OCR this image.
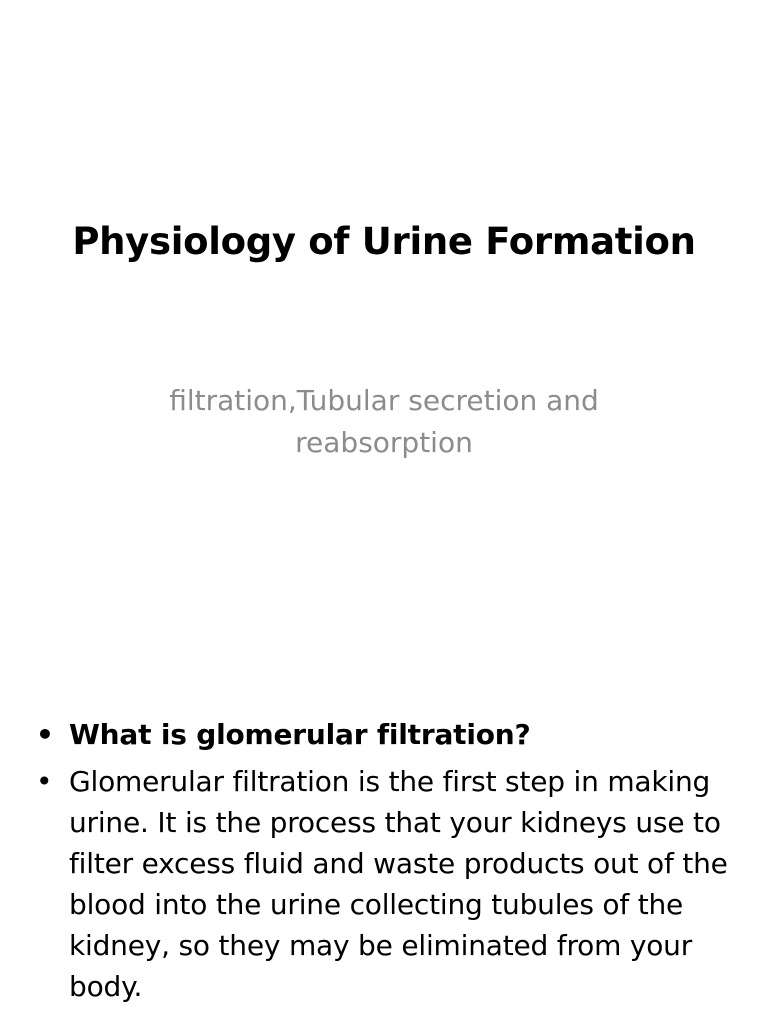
Physiology of Urine Formation

filtration,Tubular secretion and reabsorption

• What is glomerular filtration?
• Glomerular filtration is the first step in making urine. It is the process that your kidneys use to filter excess fluid and waste products out of the blood into the urine collecting tubules of the kidney, so they may be eliminated from your body.
